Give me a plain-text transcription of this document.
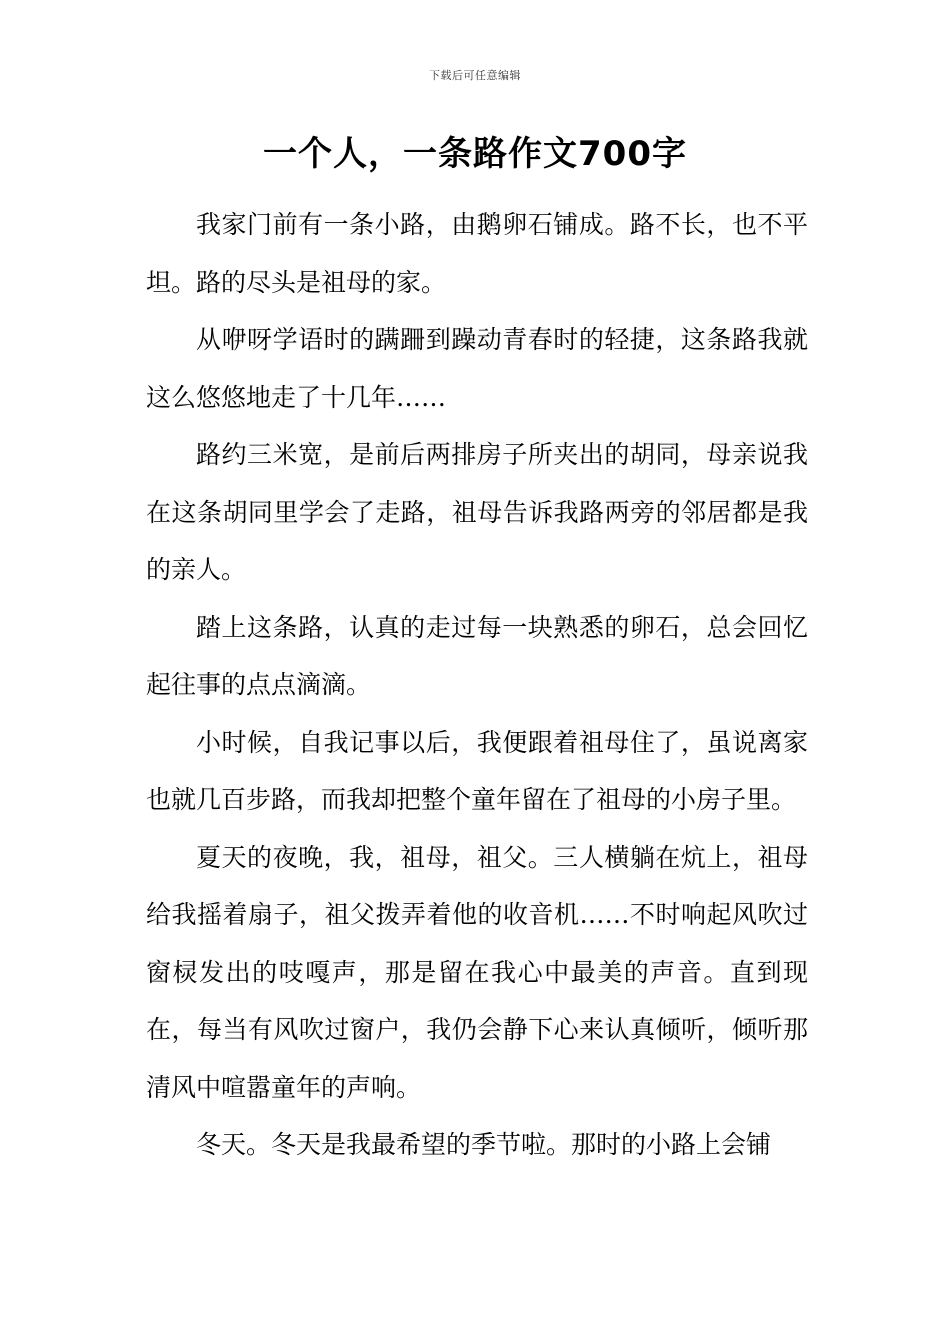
下载后可任意编辑
一个人，一条路作文700字

我家门前有一条小路，由鹅卵石铺成。路不长，也不平坦。路的尽头是祖母的家。

从咿呀学语时的蹒跚到躁动青春时的轻捷，这条路我就这么悠悠地走了十几年……

路约三米宽，是前后两排房子所夹出的胡同，母亲说我在这条胡同里学会了走路，祖母告诉我路两旁的邻居都是我的亲人。

踏上这条路，认真的走过每一块熟悉的卵石，总会回忆起往事的点点滴滴。

小时候，自我记事以后，我便跟着祖母住了，虽说离家也就几百步路，而我却把整个童年留在了祖母的小房子里。

夏天的夜晚，我，祖母，祖父。三人横躺在炕上，祖母给我摇着扇子，祖父拨弄着他的收音机……不时响起风吹过窗棂发出的吱嘎声，那是留在我心中最美的声音。直到现在，每当有风吹过窗户，我仍会静下心来认真倾听，倾听那清风中喧嚣童年的声响。

冬天。冬天是我最希望的季节啦。那时的小路上会铺
